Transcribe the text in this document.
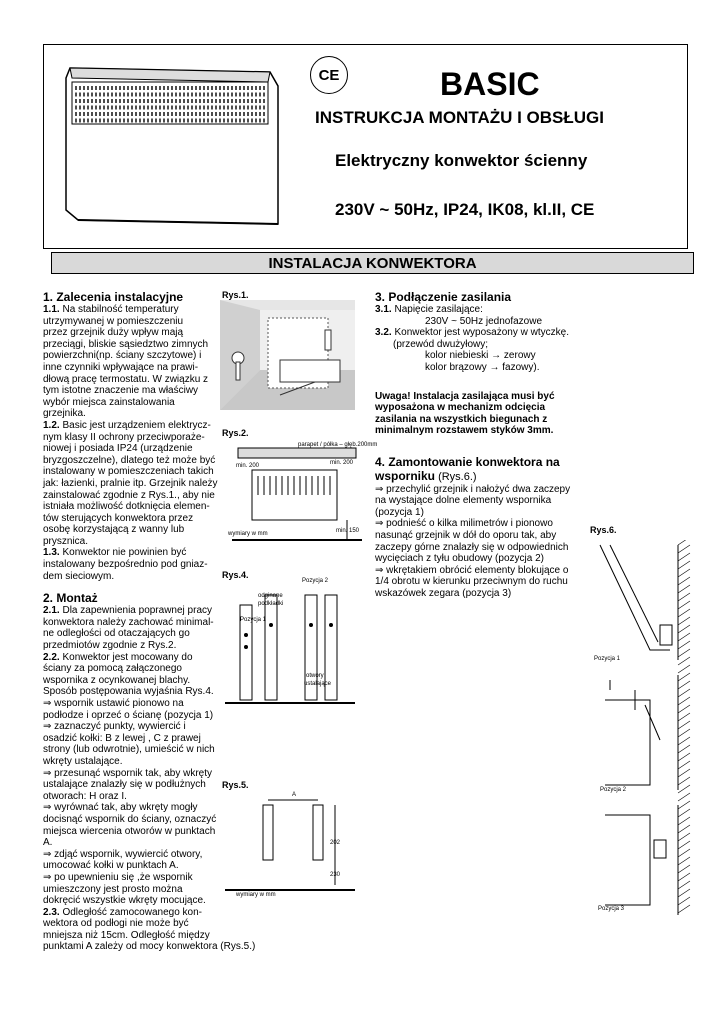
CE	BASIC
INSTRUKCJA MONTAŻU I OBSŁUGI
Elektryczny konwektor ścienny
230V ~ 50Hz, IP24, IK08, kl.II, CE
INSTALACJA KONWEKTORA
1. Zalecenia instalacyjne
1.1. Na stabilność temperatury
utrzymywanej w pomieszczeniu
przez grzejnik duży wpływ mają
przeciągi, bliskie sąsiedztwo zimnych
powierzchni(np. ściany szczytowe) i
inne czynniki wpływające na prawi-
dłową pracę termostatu. W związku z
tym istotne znaczenie ma właściwy
wybór miejsca zainstalowania
grzejnika.
1.2. Basic jest urządzeniem elektrycz-
nym klasy II ochrony przeciwporaże-
niowej i posiada IP24 (urządzenie
bryzgoszczelne), dlatego też może być
instalowany w pomieszczeniach takich
jak: łazienki, pralnie itp. Grzejnik należy
zainstalować zgodnie z Rys.1., aby nie
istniała możliwość dotknięcia elemen-
tów sterujących konwektora przez
osobę korzystającą z wanny lub
prysznica.
1.3. Konwektor nie powinien być
instalowany bezpośrednio pod gniaz-
dem sieciowym.
2. Montaż
2.1. Dla zapewnienia poprawnej pracy
konwektora należy zachować minimal-
ne odległości od otaczających go
przedmiotów zgodnie z Rys.2.
2.2. Konwektor jest mocowany do
ściany za pomocą załączonego
wspornika z ocynkowanej blachy.
Sposób postępowania wyjaśnia Rys.4.
⇒ wspornik ustawić pionowo na
podłodze i oprzeć o ścianę (pozycja 1)
⇒ zaznaczyć punkty, wywiercić i
osadzić kołki: B z lewej , C z prawej
strony (lub odwrotnie), umieścić w nich
wkręty ustalające.
⇒ przesunąć wspornik tak, aby wkręty
ustalające znalazły się w podłużnych
otworach: H oraz I.
⇒ wyrównać tak, aby wkręty mogły
docisnąć wspornik do ściany, oznaczyć
miejsca wiercenia otworów w punktach
A.
⇒ zdjąć wspornik, wywiercić otwory,
umocować kołki w punktach A.
⇒ po upewnieniu się ,że wspornik
umieszczony jest prosto można
dokręcić wszystkie wkręty mocujące.
2.3. Odległość zamocowanego kon-
wektora od podłogi nie może być
mniejsza niż 15cm. Odległość między
punktami A zależy od mocy konwektora (Rys.5.)
Rys.1.
Rys.2.
parapet / półka – głęb.200mm
min. 200	min. 200
min. 150
wymiary w mm
Rys.4.
Pozycja 2
odginane
podkładki
Pozycja 1
otwory
ustalające
Rys.5.
A
202
230
wymiary w mm
3. Podłączenie zasilania
3.1. Napięcie zasilające:
230V ~ 50Hz jednofazowe
3.2. Konwektor jest wyposażony w wtyczkę.
(przewód dwużyłowy;
kolor niebieski → zerowy
kolor brązowy → fazowy).
Uwaga! Instalacja zasilająca musi być
wyposażona w mechanizm odcięcia
zasilania na wszystkich biegunach z
minimalnym rozstawem styków 3mm.
4. Zamontowanie konwektora na
wsporniku (Rys.6.)
⇒ przechylić grzejnik i nałożyć dwa zaczepy
na wystające dolne elementy wspornika
(pozycja 1)
⇒ podnieść o kilka milimetrów i pionowo
nasunąć grzejnik w dół do oporu tak, aby
zaczepy górne znalazły się w odpowiednich
wycięciach z tyłu obudowy (pozycja 2)
⇒ wkrętakiem obrócić elementy blokujące o
1/4 obrotu w kierunku przeciwnym do ruchu
wskazówek zegara (pozycja 3)
Rys.6.
Pozycja 1
Pozycja 2
Pozycja 3
